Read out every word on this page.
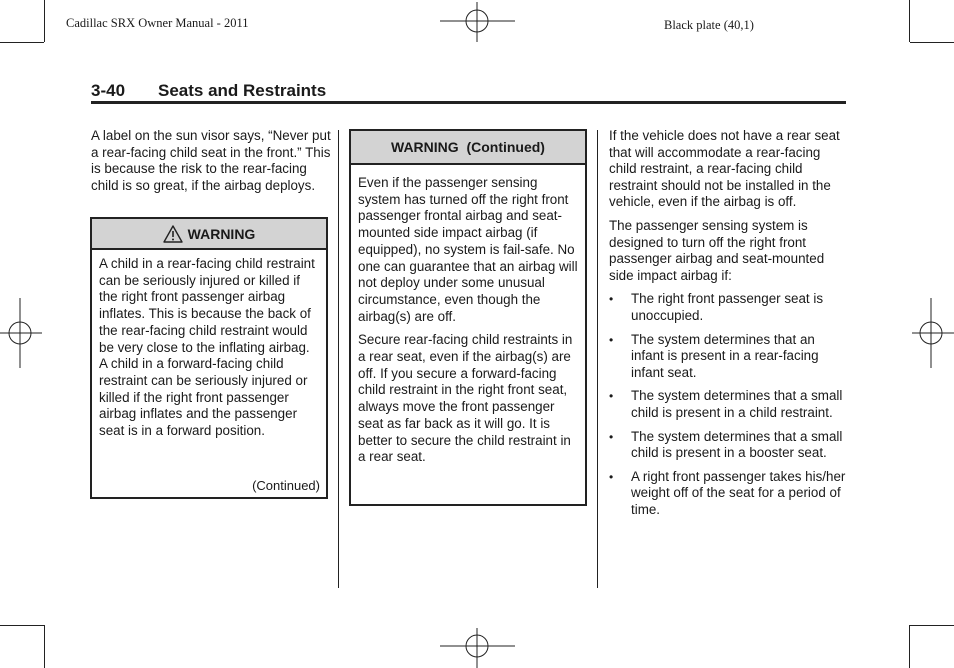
Cadillac SRX Owner Manual - 2011	Black plate (40,1)
3-40 Seats and Restraints
A label on the sun visor says, “Never put a rear-facing child seat in the front.” This is because the risk to the rear-facing child is so great, if the airbag deploys.
WARNING
A child in a rear-facing child restraint can be seriously injured or killed if the right front passenger airbag inflates. This is because the back of the rear-facing child restraint would be very close to the inflating airbag. A child in a forward-facing child restraint can be seriously injured or killed if the right front passenger airbag inflates and the passenger seat is in a forward position.
(Continued)
WARNING  (Continued)

Even if the passenger sensing system has turned off the right front passenger frontal airbag and seat-mounted side impact airbag (if equipped), no system is fail-safe. No one can guarantee that an airbag will not deploy under some unusual circumstance, even though the airbag(s) are off.

Secure rear-facing child restraints in a rear seat, even if the airbag(s) are off. If you secure a forward-facing child restraint in the right front seat, always move the front passenger seat as far back as it will go. It is better to secure the child restraint in a rear seat.

If the vehicle does not have a rear seat that will accommodate a rear-facing child restraint, a rear-facing child restraint should not be installed in the vehicle, even if the airbag is off.

The passenger sensing system is designed to turn off the right front passenger airbag and seat-mounted side impact airbag if:

• The right front passenger seat is unoccupied.
• The system determines that an infant is present in a rear-facing infant seat.
• The system determines that a small child is present in a child restraint.
• The system determines that a small child is present in a booster seat.
• A right front passenger takes his/her weight off of the seat for a period of time.
